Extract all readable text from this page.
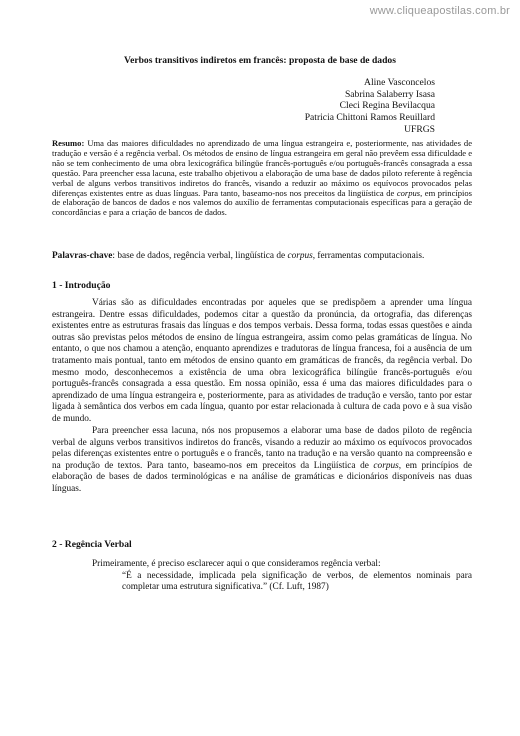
www.cliqueapostilas.com.br
Verbos transitivos indiretos em francês: proposta de base de dados
Aline Vasconcelos
Sabrina Salaberry Isasa
Cleci Regina Bevilacqua
Patricia Chittoni Ramos Reuillard
UFRGS
Resumo: Uma das maiores dificuldades no aprendizado de uma língua estrangeira e, posteriormente, nas atividades de tradução e versão é a regência verbal. Os métodos de ensino de língua estrangeira em geral não prevêem essa dificuldade e não se tem conhecimento de uma obra lexicográfica bilíngüe francês-português e/ou português-francês consagrada a essa questão. Para preencher essa lacuna, este trabalho objetivou a elaboração de uma base de dados piloto referente à regência verbal de alguns verbos transitivos indiretos do francês, visando a reduzir ao máximo os equívocos provocados pelas diferenças existentes entre as duas línguas. Para tanto, baseamo-nos nos preceitos da lingüística de corpus, em princípios de elaboração de bancos de dados e nos valemos do auxílio de ferramentas computacionais específicas para a geração de concordâncias e para a criação de bancos de dados.
Palavras-chave: base de dados, regência verbal, lingüística de corpus, ferramentas computacionais.
1 - Introdução

Várias são as dificuldades encontradas por aqueles que se predispõem a aprender uma língua estrangeira. Dentre essas dificuldades, podemos citar a questão da pronúncia, da ortografia, das diferenças existentes entre as estruturas frasais das línguas e dos tempos verbais. Dessa forma, todas essas questões e ainda outras são previstas pelos métodos de ensino de língua estrangeira, assim como pelas gramáticas de língua. No entanto, o que nos chamou a atenção, enquanto aprendizes e tradutoras de língua francesa, foi a ausência de um tratamento mais pontual, tanto em métodos de ensino quanto em gramáticas de francês, da regência verbal. Do mesmo modo, desconhecemos a existência de uma obra lexicográfica bilíngüe francês-português e/ou português-francês consagrada a essa questão. Em nossa opinião, essa é uma das maiores dificuldades para o aprendizado de uma língua estrangeira e, posteriormente, para as atividades de tradução e versão, tanto por estar ligada à semântica dos verbos em cada língua, quanto por estar relacionada à cultura de cada povo e à sua visão de mundo.

Para preencher essa lacuna, nós nos propusemos a elaborar uma base de dados piloto de regência verbal de alguns verbos transitivos indiretos do francês, visando a reduzir ao máximo os equívocos provocados pelas diferenças existentes entre o português e o francês, tanto na tradução e na versão quanto na compreensão e na produção de textos. Para tanto, baseamo-nos em preceitos da Lingüística de corpus, em princípios de elaboração de bases de dados terminológicas e na análise de gramáticas e dicionários disponíveis nas duas línguas.

2 - Regência Verbal

Primeiramente, é preciso esclarecer aqui o que consideramos regência verbal:

“É a necessidade, implicada pela significação de verbos, de elementos nominais para completar uma estrutura significativa.” (Cf. Luft, 1987)
